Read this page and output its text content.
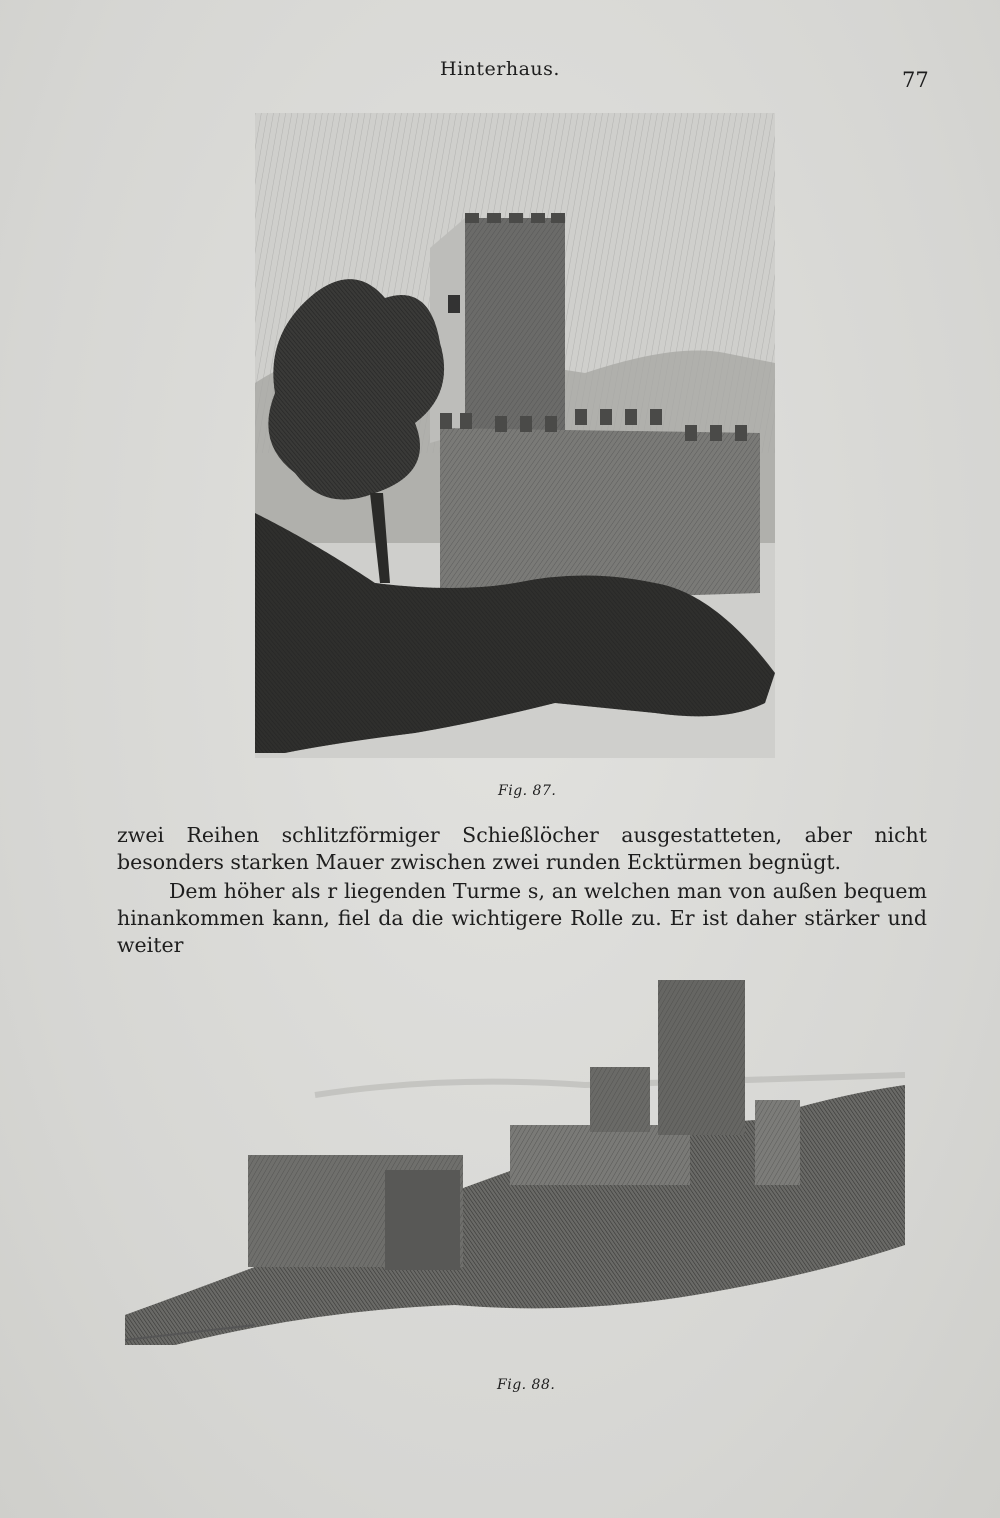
Hinterhaus.	77
Fig. 87.

zwei Reihen schlitzförmiger Schießlöcher ausgestatteten, aber nicht besonders starken Mauer zwischen zwei runden Ecktürmen begnügt.

Dem höher als r liegenden Turme s, an welchen man von außen bequem hinankommen kann, fiel da die wichtigere Rolle zu. Er ist daher stärker und weiter

Fig. 88.
